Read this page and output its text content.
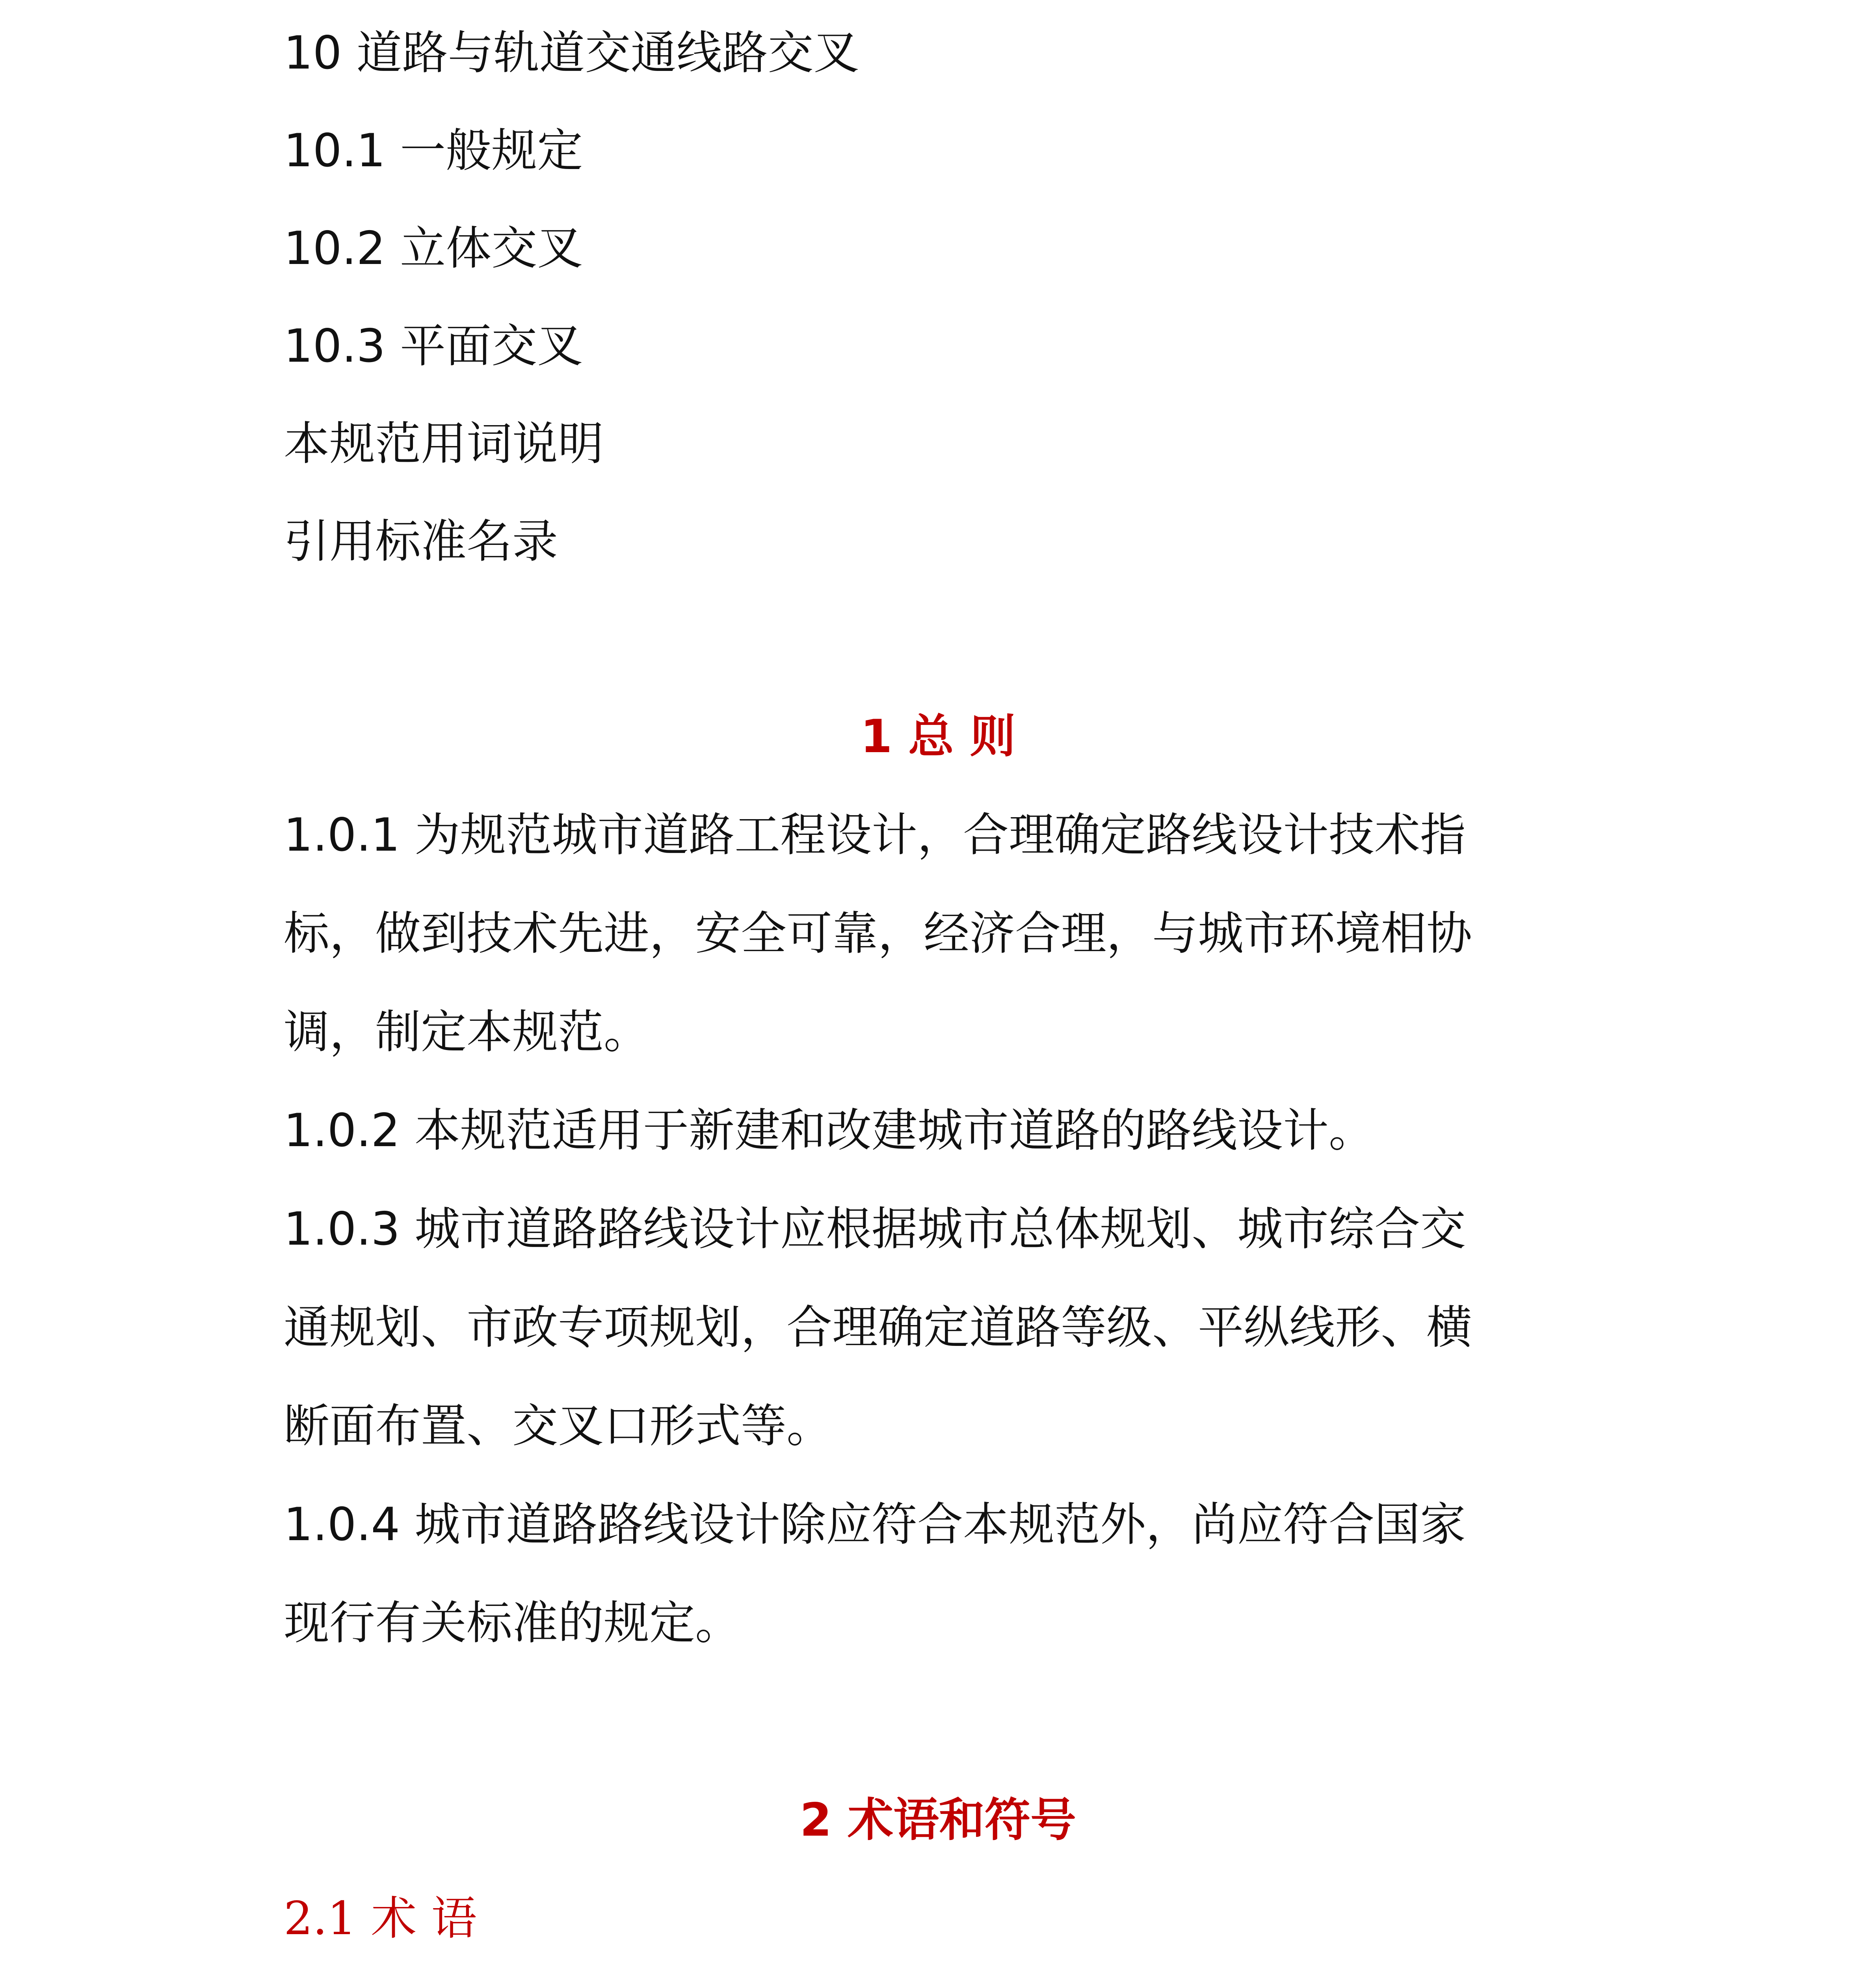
10 道路与轨道交通线路交叉
10.1 一般规定
10.2 立体交叉
10.3 平面交叉
本规范用词说明
引用标准名录
1 总 则
1.0.1 为规范城市道路工程设计，合理确定路线设计技术指
标，做到技术先进，安全可靠，经济合理，与城市环境相协
调，制定本规范。
1.0.2 本规范适用于新建和改建城市道路的路线设计。
1.0.3 城市道路路线设计应根据城市总体规划、城市综合交
通规划、市政专项规划，合理确定道路等级、平纵线形、横
断面布置、交叉口形式等。
1.0.4 城市道路路线设计除应符合本规范外，尚应符合国家
现行有关标准的规定。
2 术语和符号
2.1 术 语
